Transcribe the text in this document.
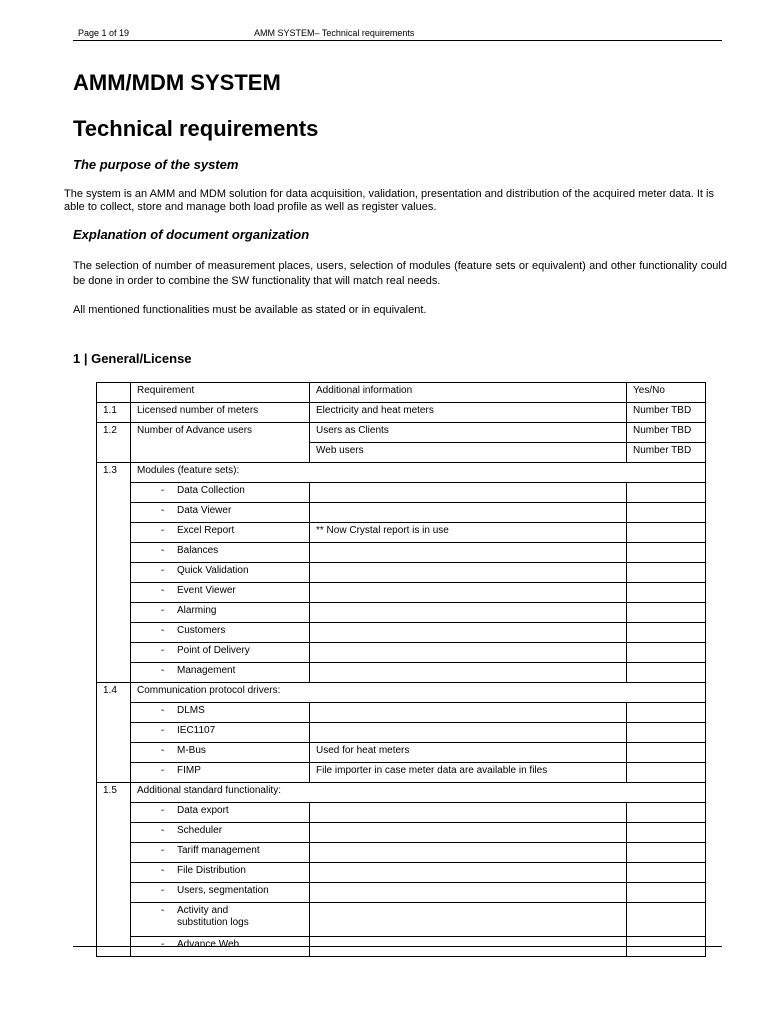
Page 1 of 19	AMM SYSTEM– Technical requirements
AMM/MDM SYSTEM
Technical requirements
The purpose of the system
The system is an AMM and MDM solution for data acquisition, validation, presentation and distribution of the acquired meter data. It is able to collect, store and manage both load profile as well as register values.
Explanation of document organization
The selection of number of measurement places, users, selection of modules (feature sets or equivalent) and other functionality could be done in order to combine the SW functionality that will match real needs.
All mentioned functionalities must be available as stated or in equivalent.
1 | General/License
	Requirement	Additional information	Yes/No
1.1	Licensed number of meters	Electricity and heat meters	Number TBD
1.2	Number of Advance users	Users as Clients	Number TBD
		Web users	Number TBD
1.3	Modules (feature sets):		

	- Data Collection		

	- Data Viewer		

	- Excel Report	** Now Crystal report is in use	

	- Balances		

	- Quick Validation		

	- Event Viewer		

	- Alarming		

	- Customers		

	- Point of Delivery		

	- Management		

1.4	Communication protocol drivers:		

	- DLMS		

	- IEC1107		

	- M-Bus	Used for heat meters	

	- FIMP	File importer in case meter data are available in files	
1.5	Additional standard functionality:		

	- Data export		

	- Scheduler		

	- Tariff management		

	- File Distribution		

	- Users, segmentation		

	- Activity and substitution logs		

	- Advance Web		
